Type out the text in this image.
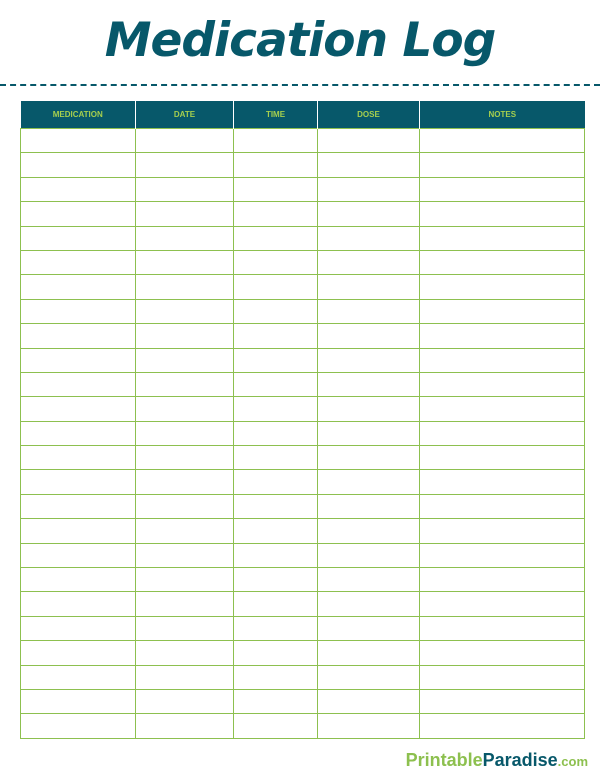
Medication Log
MEDICATION	DATE	TIME	DOSE	NOTES

PrintableParadise.com
